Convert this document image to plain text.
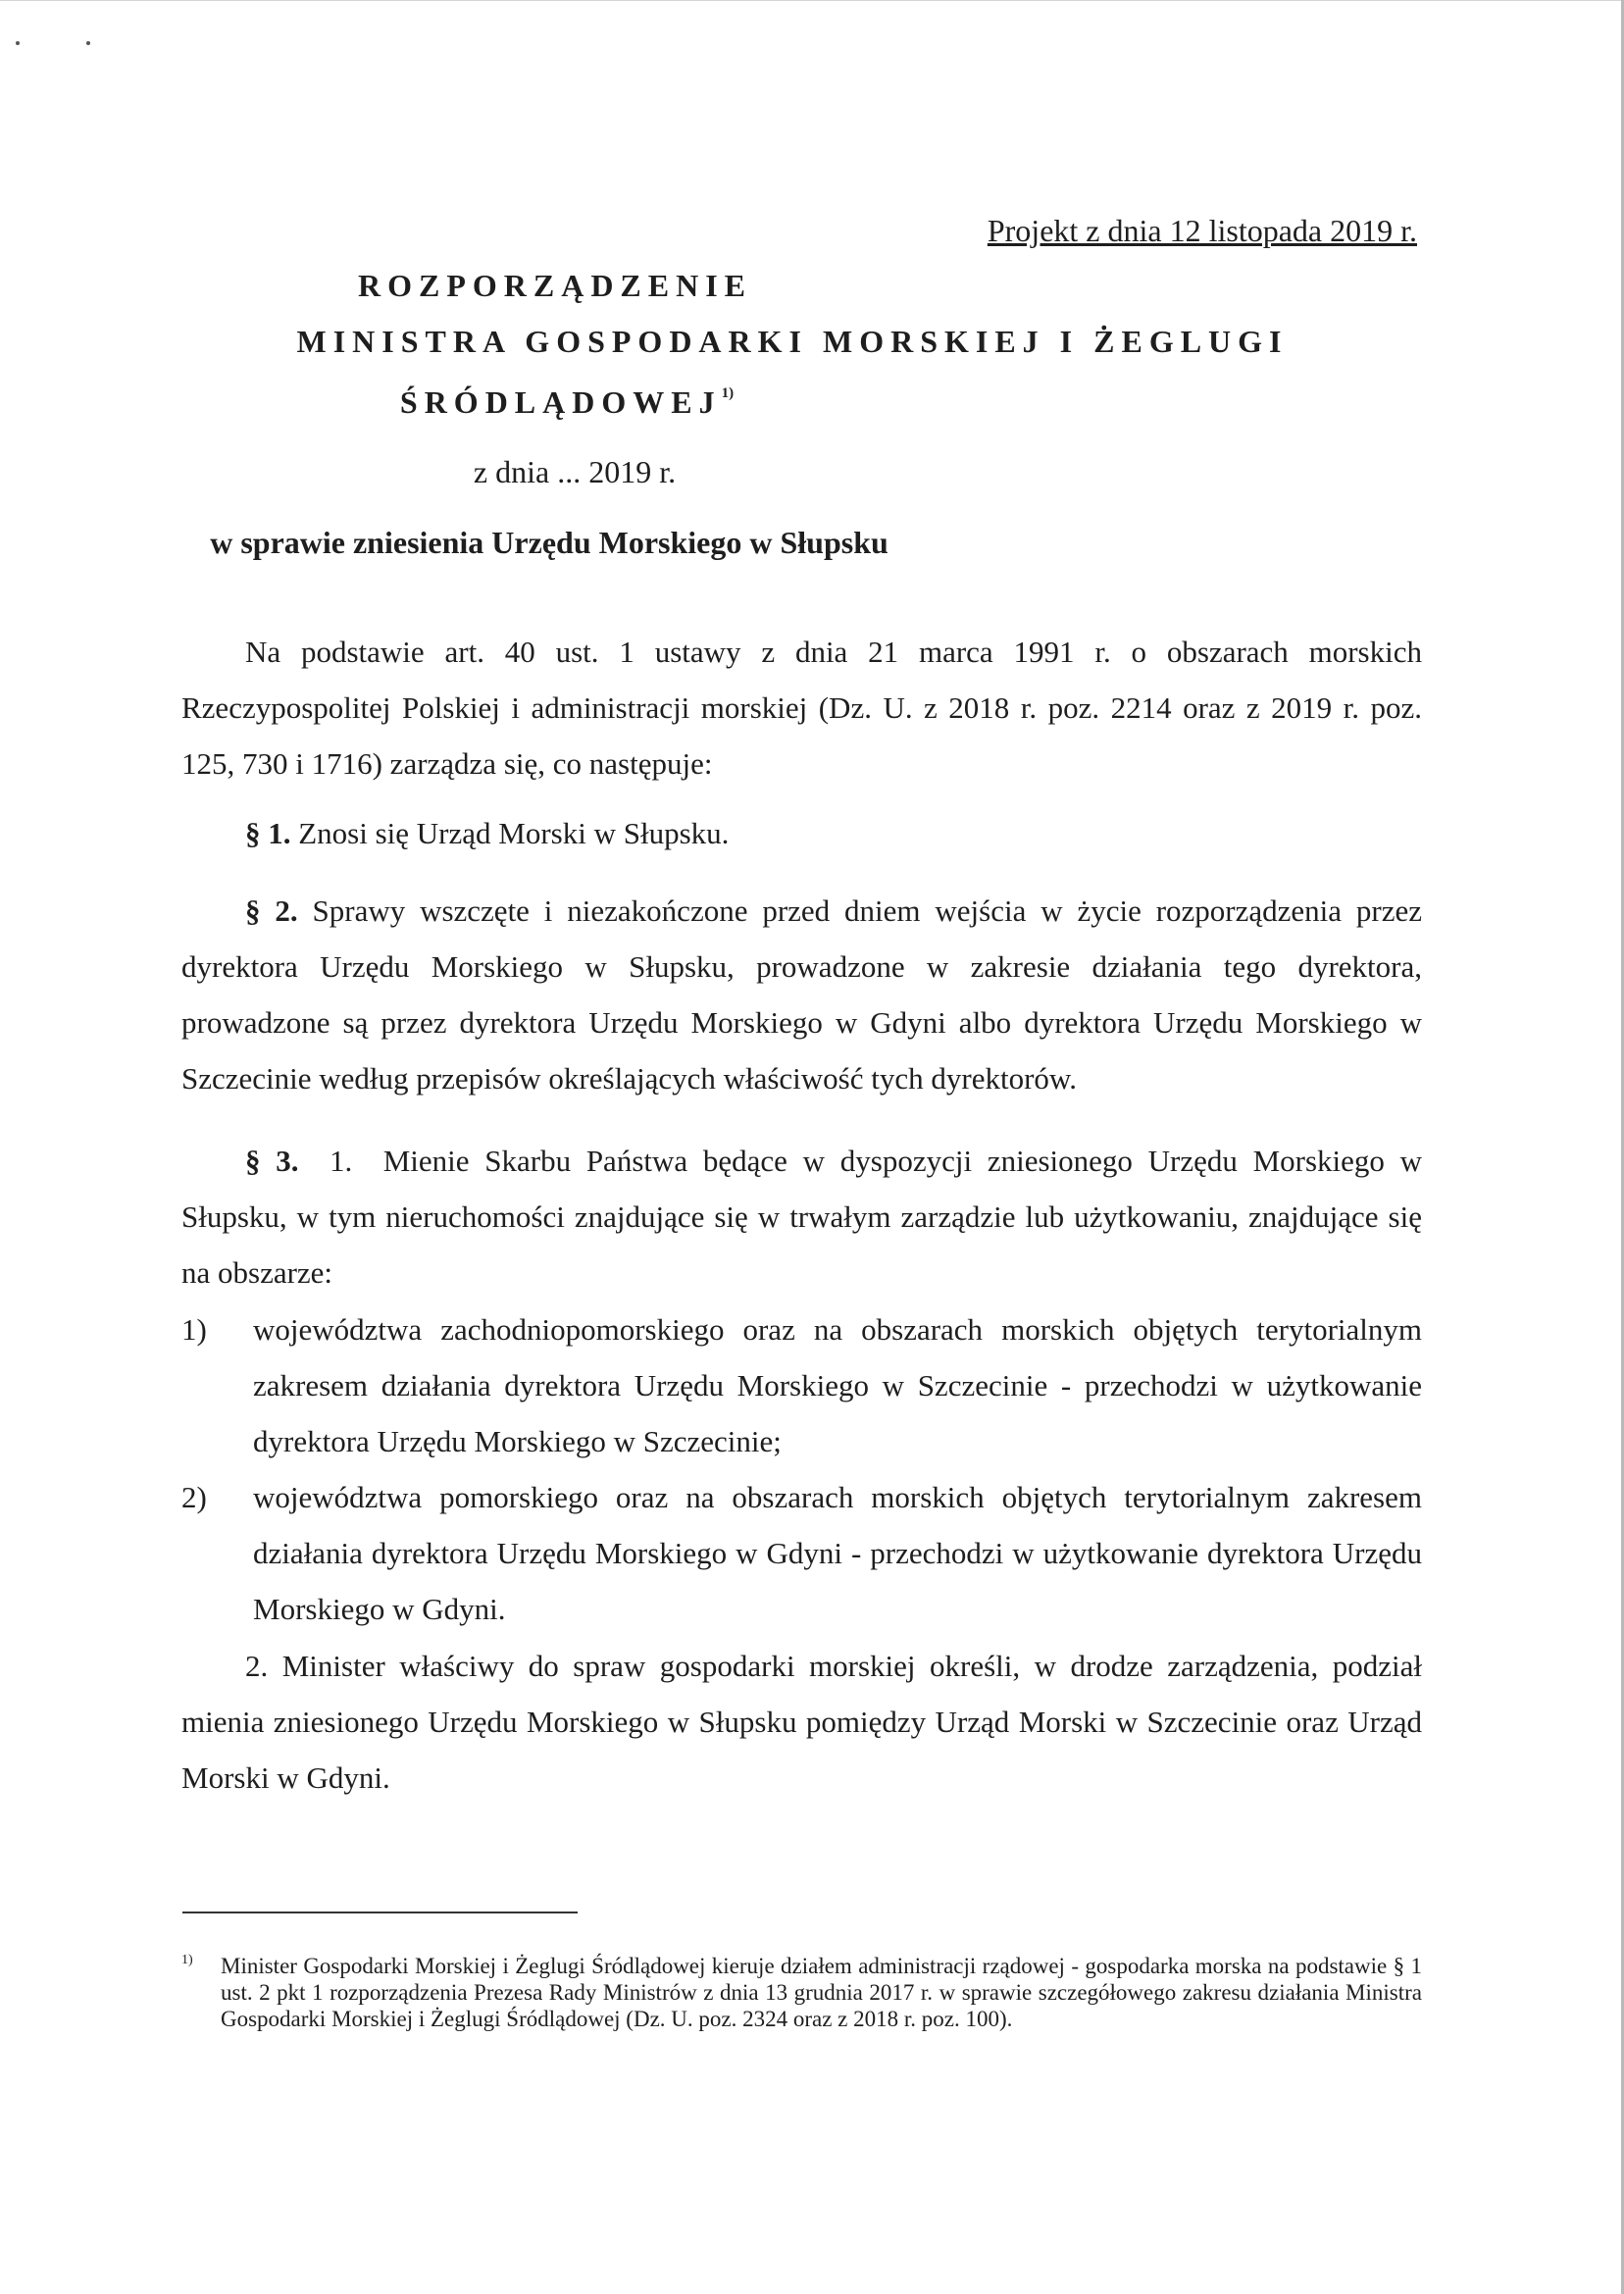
Projekt z dnia 12 listopada 2019 r.
ROZPORZĄDZENIE
MINISTRA GOSPODARKI MORSKIEJ I ŻEGLUGI
ŚRÓDLĄDOWEJ$^{1)}$
z dnia ... 2019 r.
w sprawie zniesienia Urzędu Morskiego w Słupsku
Na podstawie art. 40 ust. 1 ustawy z dnia 21 marca 1991 r. o obszarach morskich Rzeczypospolitej Polskiej i administracji morskiej (Dz. U. z 2018 r. poz. 2214 oraz z 2019 r. poz. 125, 730 i 1716) zarządza się, co następuje:
§ 1. Znosi się Urząd Morski w Słupsku.
§ 2. Sprawy wszczęte i niezakończone przed dniem wejścia w życie rozporządzenia przez dyrektora Urzędu Morskiego w Słupsku, prowadzone w zakresie działania tego dyrektora, prowadzone są przez dyrektora Urzędu Morskiego w Gdyni albo dyrektora Urzędu Morskiego w Szczecinie według przepisów określających właściwość tych dyrektorów.
§ 3. 1. Mienie Skarbu Państwa będące w dyspozycji zniesionego Urzędu Morskiego w Słupsku, w tym nieruchomości znajdujące się w trwałym zarządzie lub użytkowaniu, znajdujące się na obszarze:
1) województwa zachodniopomorskiego oraz na obszarach morskich objętych terytorialnym zakresem działania dyrektora Urzędu Morskiego w Szczecinie - przechodzi w użytkowanie dyrektora Urzędu Morskiego w Szczecinie;
2) województwa pomorskiego oraz na obszarach morskich objętych terytorialnym zakresem działania dyrektora Urzędu Morskiego w Gdyni - przechodzi w użytkowanie dyrektora Urzędu Morskiego w Gdyni.
2. Minister właściwy do spraw gospodarki morskiej określi, w drodze zarządzenia, podział mienia zniesionego Urzędu Morskiego w Słupsku pomiędzy Urząd Morski w Szczecinie oraz Urząd Morski w Gdyni.
1) Minister Gospodarki Morskiej i Żeglugi Śródlądowej kieruje działem administracji rządowej - gospodarka morska na podstawie § 1 ust. 2 pkt 1 rozporządzenia Prezesa Rady Ministrów z dnia 13 grudnia 2017 r. w sprawie szczegółowego zakresu działania Ministra Gospodarki Morskiej i Żeglugi Śródlądowej (Dz. U. poz. 2324 oraz z 2018 r. poz. 100).
